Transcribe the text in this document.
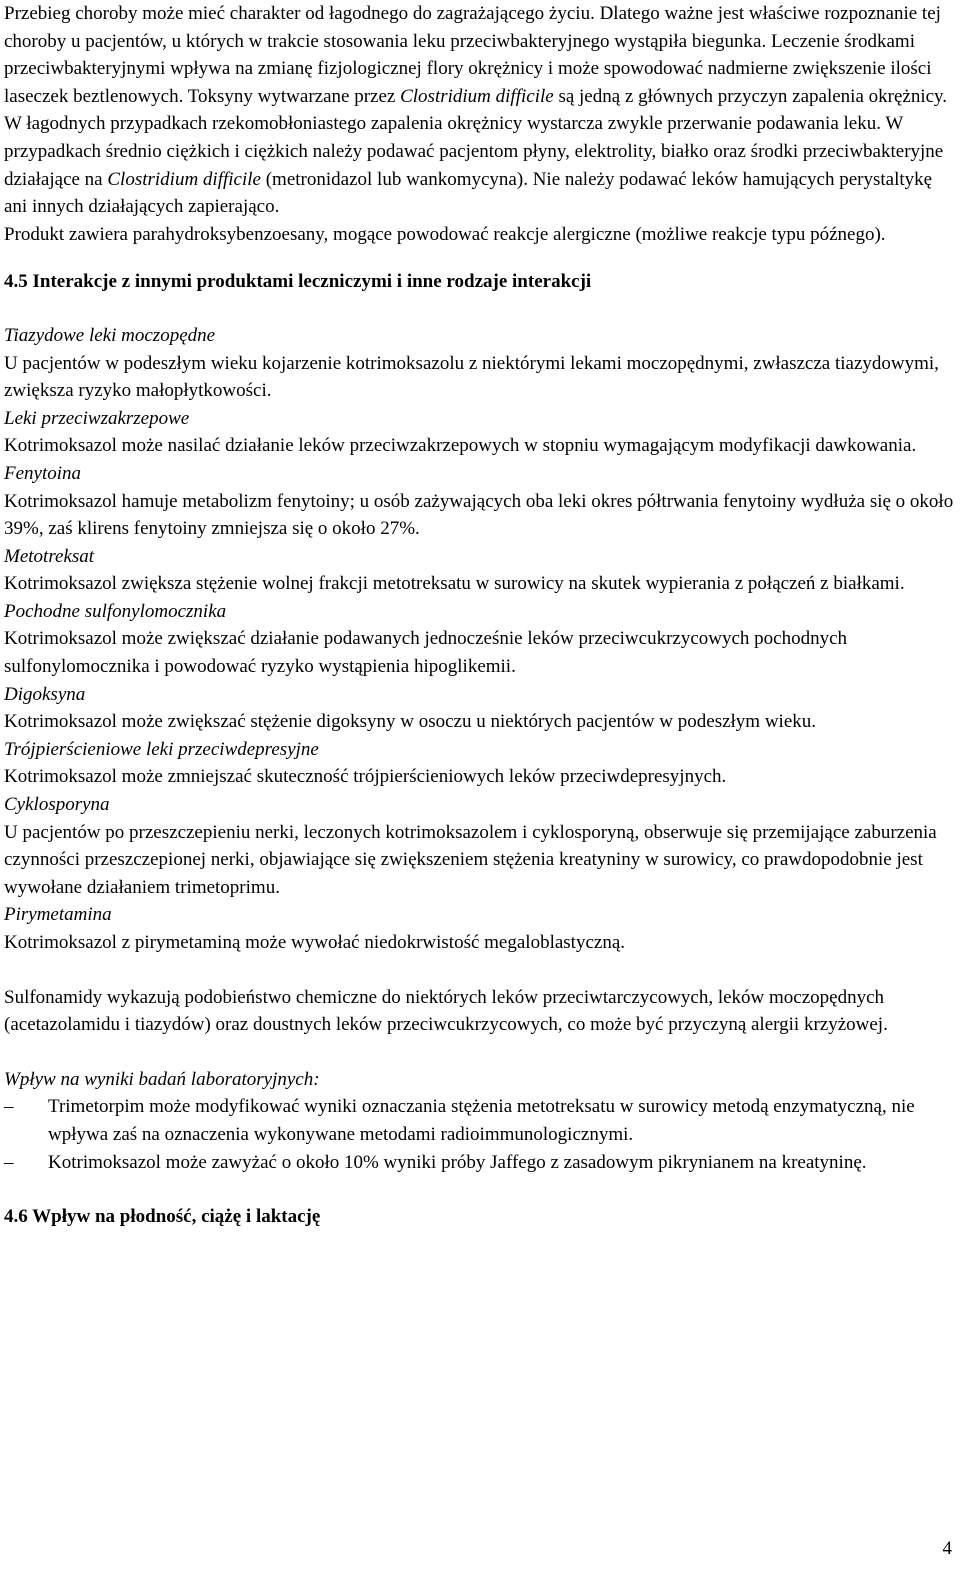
Przebieg choroby może mieć charakter od łagodnego do zagrażającego życiu. Dlatego ważne jest właściwe rozpoznanie tej choroby u pacjentów, u których w trakcie stosowania leku przeciwbakteryjnego wystąpiła biegunka. Leczenie środkami przeciwbakteryjnymi wpływa na zmianę fizjologicznej flory okrężnicy i może spowodować nadmierne zwiększenie ilości laseczek beztlenowych. Toksyny wytwarzane przez Clostridium difficile są jedną z głównych przyczyn zapalenia okrężnicy.

W łagodnych przypadkach rzekomobłoniastego zapalenia okrężnicy wystarcza zwykle przerwanie podawania leku. W przypadkach średnio ciężkich i ciężkich należy podawać pacjentom płyny, elektrolity, białko oraz środki przeciwbakteryjne działające na Clostridium difficile (metronidazol lub wankomycyna). Nie należy podawać leków hamujących perystaltykę ani innych działających zapierająco.

Produkt zawiera parahydroksybenzoesany, mogące powodować reakcje alergiczne (możliwe reakcje typu późnego).

4.5 Interakcje z innymi produktami leczniczymi i inne rodzaje interakcji
Tiazydowe leki moczopędne

U pacjentów w podeszłym wieku kojarzenie kotrimoksazolu z niektórymi lekami moczopędnymi, zwłaszcza tiazydowymi, zwiększa ryzyko małopłytkowości.

Leki przeciwzakrzepowe

Kotrimoksazol może nasilać działanie leków przeciwzakrzepowych w stopniu wymagającym modyfikacji dawkowania.

Fenytoina

Kotrimoksazol hamuje metabolizm fenytoiny; u osób zażywających oba leki okres półtrwania fenytoiny wydłuża się o około 39%, zaś klirens fenytoiny zmniejsza się o około 27%.

Metotreksat

Kotrimoksazol zwiększa stężenie wolnej frakcji metotreksatu w surowicy na skutek wypierania z połączeń z białkami.

Pochodne sulfonylomocznika

Kotrimoksazol może zwiększać działanie podawanych jednocześnie leków przeciwcukrzycowych pochodnych sulfonylomocznika i powodować ryzyko wystąpienia hipoglikemii.

Digoksyna

Kotrimoksazol może zwiększać stężenie digoksyny w osoczu u niektórych pacjentów w podeszłym wieku.

Trójpierścieniowe leki przeciwdepresyjne

Kotrimoksazol może zmniejszać skuteczność trójpierścieniowych leków przeciwdepresyjnych.

Cyklosporyna

U pacjentów po przeszczepieniu nerki, leczonych kotrimoksazolem i cyklosporyną, obserwuje się przemijające zaburzenia czynności przeszczepionej nerki, objawiające się zwiększeniem stężenia kreatyniny w surowicy, co prawdopodobnie jest wywołane działaniem trimetoprimu.

Pirymetamina

Kotrimoksazol z pirymetaminą może wywołać niedokrwistość megaloblastyczną.

Sulfonamidy wykazują podobieństwo chemiczne do niektórych leków przeciwtarczycowych, leków moczopędnych (acetazolamidu i tiazydów) oraz doustnych leków przeciwcukrzycowych, co może być przyczyną alergii krzyżowej.

Wpływ na wyniki badań laboratoryjnych:
–	Trimetorpim może modyfikować wyniki oznaczania stężenia metotreksatu w surowicy metodą enzymatyczną, nie wpływa zaś na oznaczenia wykonywane metodami radioimmunologicznymi.
–	Kotrimoksazol może zawyżać o około 10% wyniki próby Jaffego z zasadowym pikrynianem na kreatyninę.
4.6 Wpływ na płodność, ciążę i laktację
4
